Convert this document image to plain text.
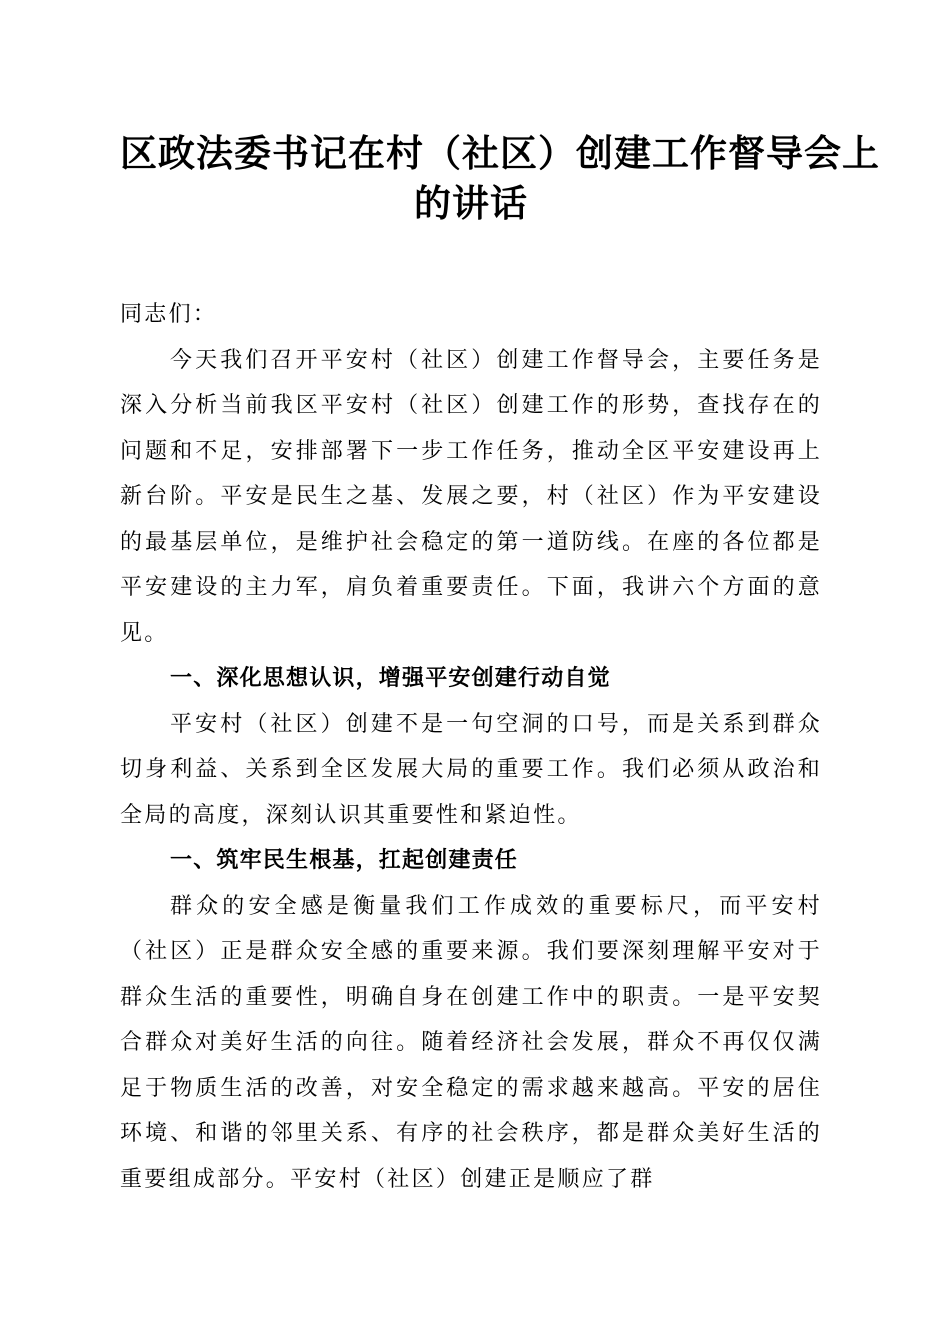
区政法委书记在村（社区）创建工作督导会上
的讲话

同志们：

今天我们召开平安村（社区）创建工作督导会，主要任务是深入分析当前我区平安村（社区）创建工作的形势，查找存在的问题和不足，安排部署下一步工作任务，推动全区平安建设再上新台阶。平安是民生之基、发展之要，村（社区）作为平安建设的最基层单位，是维护社会稳定的第一道防线。在座的各位都是平安建设的主力军，肩负着重要责任。下面，我讲六个方面的意见。

一、深化思想认识，增强平安创建行动自觉

平安村（社区）创建不是一句空洞的口号，而是关系到群众切身利益、关系到全区发展大局的重要工作。我们必须从政治和全局的高度，深刻认识其重要性和紧迫性。

一、筑牢民生根基，扛起创建责任

群众的安全感是衡量我们工作成效的重要标尺，而平安村（社区）正是群众安全感的重要来源。我们要深刻理解平安对于群众生活的重要性，明确自身在创建工作中的职责。一是平安契合群众对美好生活的向往。随着经济社会发展，群众不再仅仅满足于物质生活的改善，对安全稳定的需求越来越高。平安的居住环境、和谐的邻里关系、有序的社会秩序，都是群众美好生活的重要组成部分。平安村（社区）创建正是顺应了群
